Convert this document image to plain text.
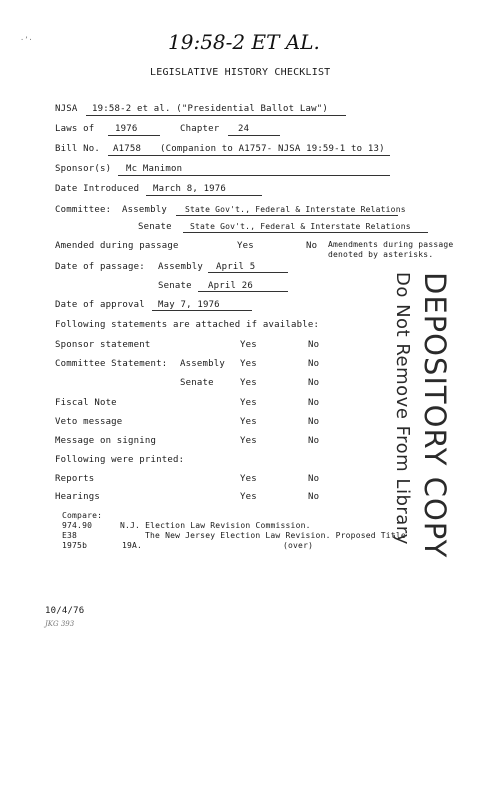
19:58-2 ET AL.
·’·
LEGISLATIVE HISTORY CHECKLIST
NJSA 19:58-2 et al. ("Presidential Ballot Law")
Laws of 1976	Chapter 24
Bill No. A1758 (Companion to A1757- NJSA 19:59-1 to 13)
Sponsor(s) Mc Manimon
Date Introduced March 8, 1976
Committee: Assembly State Gov't., Federal & Interstate Relations
Senate State Gov't., Federal & Interstate Relations
Amended during passage	Yes	No Amendments during passage
denoted by asterisks.
Date of passage: Assembly April 5
Senate April 26
Date of approval May 7, 1976
Following statements are attached if available:
Sponsor statement	Yes	No
Committee Statement: Assembly Yes	No
Senate	Yes	No
Fiscal Note	Yes	No
Veto message	Yes	No
Message on signing	Yes	No
Following were printed:
Reports	Yes	No
Hearings	Yes	No
Compare:
974.90	N.J. Election Law Revision Commission.
E38	The New Jersey Election Law Revision. Proposed Title
1975b	19A.	(over)
10/4/76
JKG 393
DEPOSITORY COPY
Do Not Remove From Library
